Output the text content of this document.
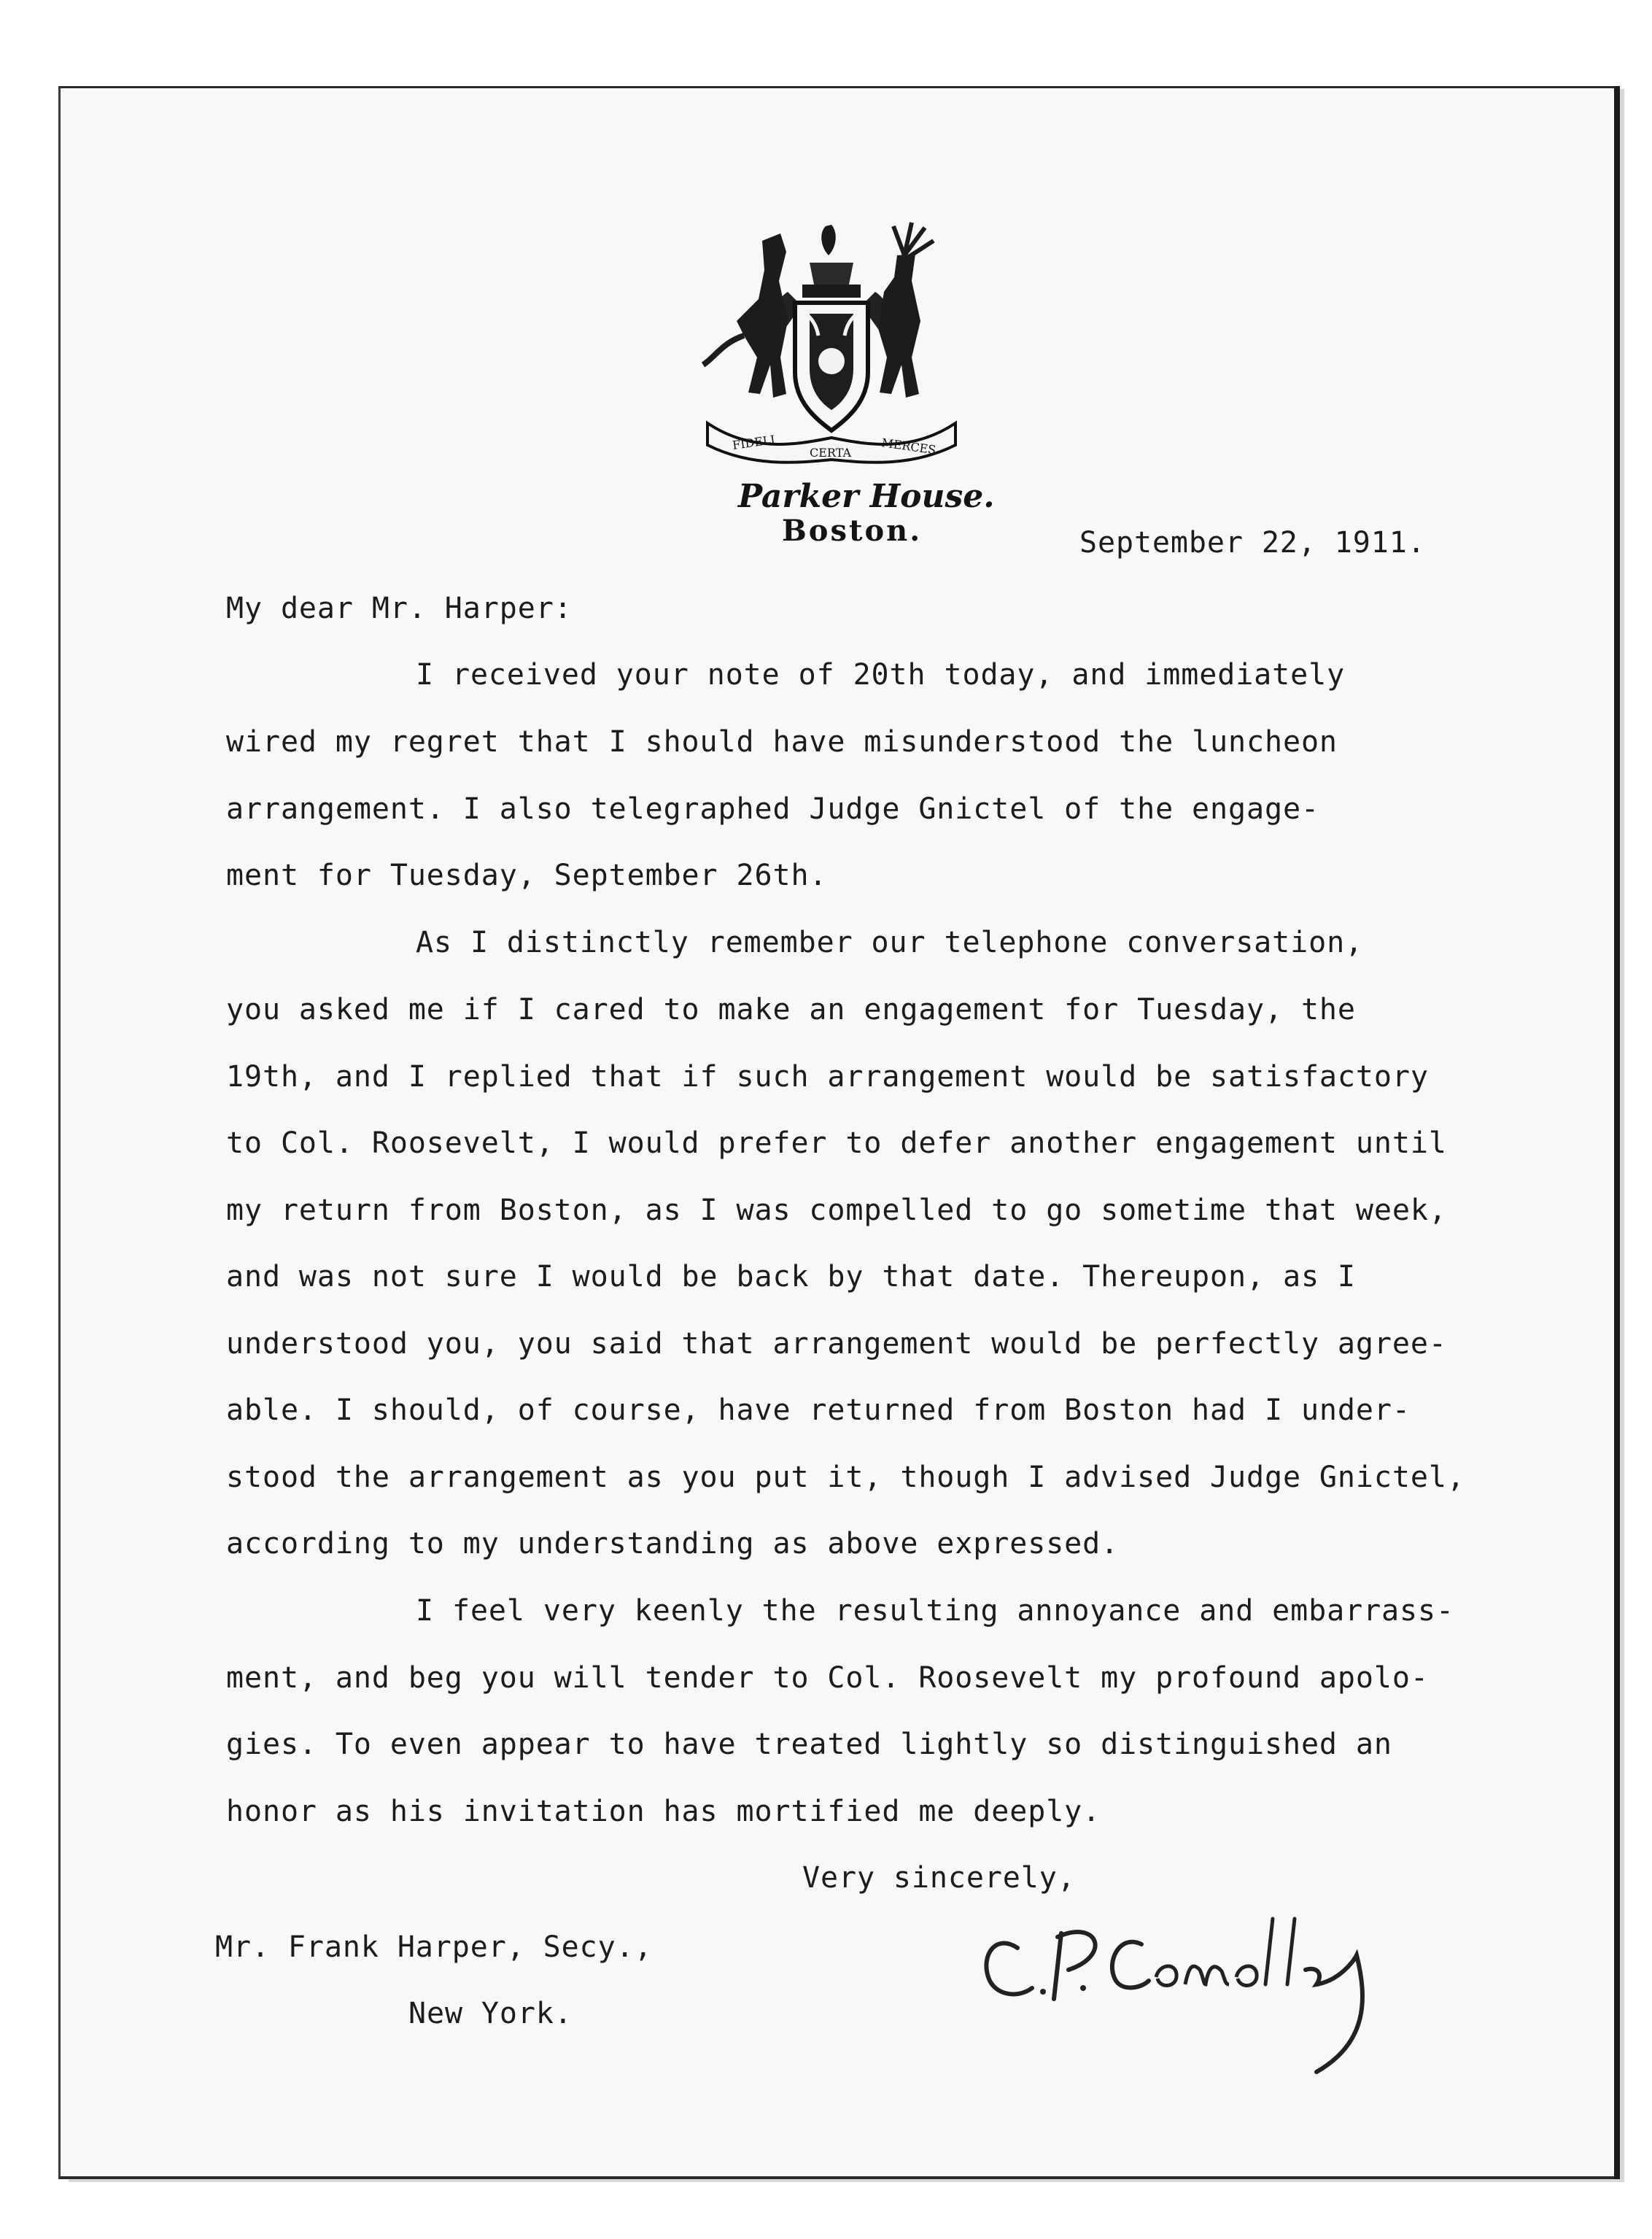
FIDELI
CERTA	MERCES
Parker House.
Boston.	September 22, 1911.
My dear Mr. Harper:
I received your note of 20th today, and immediately
wired my regret that I should have misunderstood the luncheon
arrangement. I also telegraphed Judge Gnictel of the engage-
ment for Tuesday, September 26th.
As I distinctly remember our telephone conversation,
you asked me if I cared to make an engagement for Tuesday, the
19th, and I replied that if such arrangement would be satisfactory
to Col. Roosevelt, I would prefer to defer another engagement until
my return from Boston, as I was compelled to go sometime that week,
and was not sure I would be back by that date. Thereupon, as I
understood you, you said that arrangement would be perfectly agree-
able. I should, of course, have returned from Boston had I under-
stood the arrangement as you put it, though I advised Judge Gnictel,
according to my understanding as above expressed.
I feel very keenly the resulting annoyance and embarrass-
ment, and beg you will tender to Col. Roosevelt my profound apolo-
gies. To even appear to have treated lightly so distinguished an
honor as his invitation has mortified me deeply.
Very sincerely,
Mr. Frank Harper, Secy.,
New York.
